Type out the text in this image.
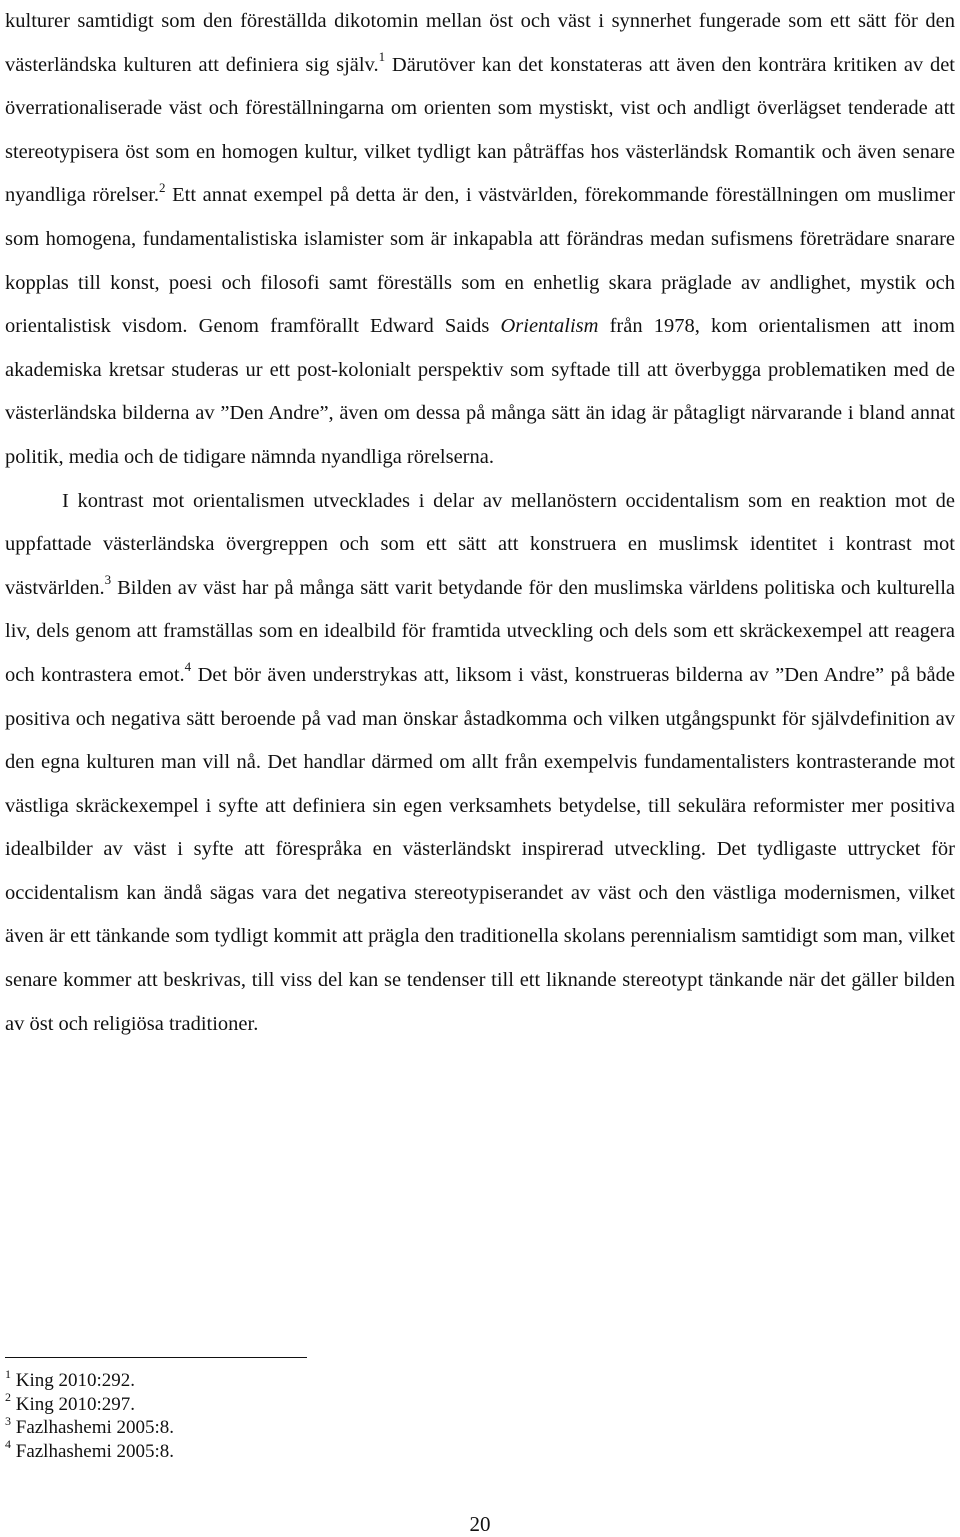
kulturer samtidigt som den föreställda dikotomin mellan öst och väst i synnerhet fungerade som ett sätt för den västerländska kulturen att definiera sig själv.$^1$ Därutöver kan det konstateras att även den konträra kritiken av det överrationaliserade väst och föreställningarna om orienten som mystiskt, vist och andligt överlägset tenderade att stereotypisera öst som en homogen kultur, vilket tydligt kan påträffas hos västerländsk Romantik och även senare nyandliga rörelser.$^2$ Ett annat exempel på detta är den, i västvärlden, förekommande föreställningen om muslimer som homogena, fundamentalistiska islamister som är inkapabla att förändras medan sufismens företrädare snarare kopplas till konst, poesi och filosofi samt föreställs som en enhetlig skara präglade av andlighet, mystik och orientalistisk visdom. Genom framförallt Edward Saids Orientalism från 1978, kom orientalismen att inom akademiska kretsar studeras ur ett post-kolonialt perspektiv som syftade till att överbygga problematiken med de västerländska bilderna av ”Den Andre”, även om dessa på många sätt än idag är påtagligt närvarande i bland annat politik, media och de tidigare nämnda nyandliga rörelserna.

I kontrast mot orientalismen utvecklades i delar av mellanöstern occidentalism som en reaktion mot de uppfattade västerländska övergreppen och som ett sätt att konstruera en muslimsk identitet i kontrast mot västvärlden.$^3$ Bilden av väst har på många sätt varit betydande för den muslimska världens politiska och kulturella liv, dels genom att framställas som en idealbild för framtida utveckling och dels som ett skräckexempel att reagera och kontrastera emot.$^4$ Det bör även understrykas att, liksom i väst, konstrueras bilderna av ”Den Andre” på både positiva och negativa sätt beroende på vad man önskar åstadkomma och vilken utgångspunkt för självdefinition av den egna kulturen man vill nå. Det handlar därmed om allt från exempelvis fundamentalisters kontrasterande mot västliga skräckexempel i syfte att definiera sin egen verksamhets betydelse, till sekulära reformister mer positiva idealbilder av väst i syfte att förespråka en västerländskt inspirerad utveckling. Det tydligaste uttrycket för occidentalism kan ändå sägas vara det negativa stereotypiserandet av väst och den västliga modernismen, vilket även är ett tänkande som tydligt kommit att prägla den traditionella skolans perennialism samtidigt som man, vilket senare kommer att beskrivas, till viss del kan se tendenser till ett liknande stereotypt tänkande när det gäller bilden av öst och religiösa traditioner.

$^1$ King 2010:292.
$^2$ King 2010:297.
$^3$ Fazlhashemi 2005:8.
$^4$ Fazlhashemi 2005:8.
20
